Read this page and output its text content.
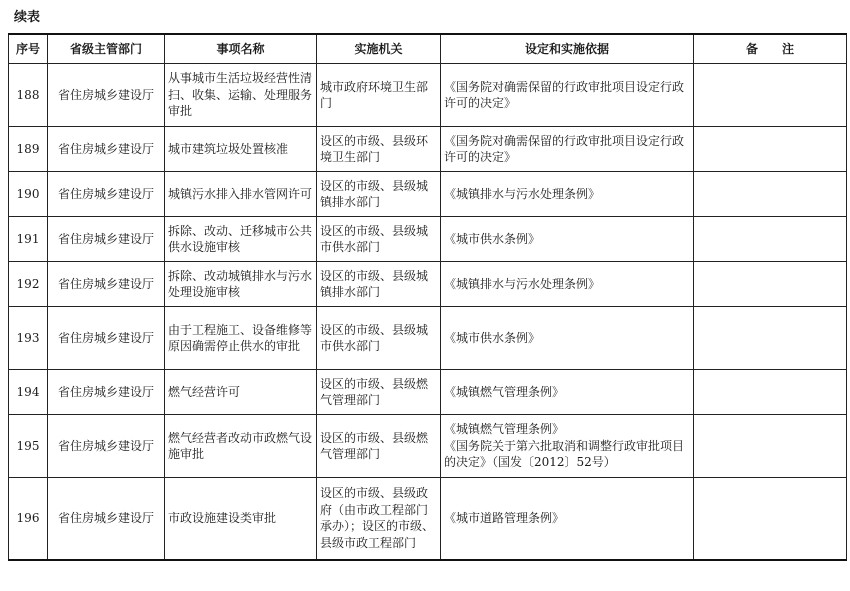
续表
序号	省级主管部门	事项名称	实施机关	设定和实施依据	备　　注
188	省住房城乡建设厅	从事城市生活垃圾经营性清扫、收集、运输、处理服务审批	城市政府环境卫生部门	《国务院对确需保留的行政审批项目设定行政许可的决定》	
189	省住房城乡建设厅	城市建筑垃圾处置核准	设区的市级、县级环境卫生部门	《国务院对确需保留的行政审批项目设定行政许可的决定》	
190	省住房城乡建设厅	城镇污水排入排水管网许可	设区的市级、县级城镇排水部门	《城镇排水与污水处理条例》	
191	省住房城乡建设厅	拆除、改动、迁移城市公共供水设施审核	设区的市级、县级城市供水部门	《城市供水条例》	
192	省住房城乡建设厅	拆除、改动城镇排水与污水处理设施审核	设区的市级、县级城镇排水部门	《城镇排水与污水处理条例》	
193	省住房城乡建设厅	由于工程施工、设备维修等原因确需停止供水的审批	设区的市级、县级城市供水部门	《城市供水条例》	
194	省住房城乡建设厅	燃气经营许可	设区的市级、县级燃气管理部门	《城镇燃气管理条例》	
195	省住房城乡建设厅	燃气经营者改动市政燃气设施审批	设区的市级、县级燃气管理部门	《城镇燃气管理条例》
《国务院关于第六批取消和调整行政审批项目的决定》（国发〔2012〕52号）	
196	省住房城乡建设厅	市政设施建设类审批	设区的市级、县级政府（由市政工程部门承办）；设区的市级、县级市政工程部门	《城市道路管理条例》	
